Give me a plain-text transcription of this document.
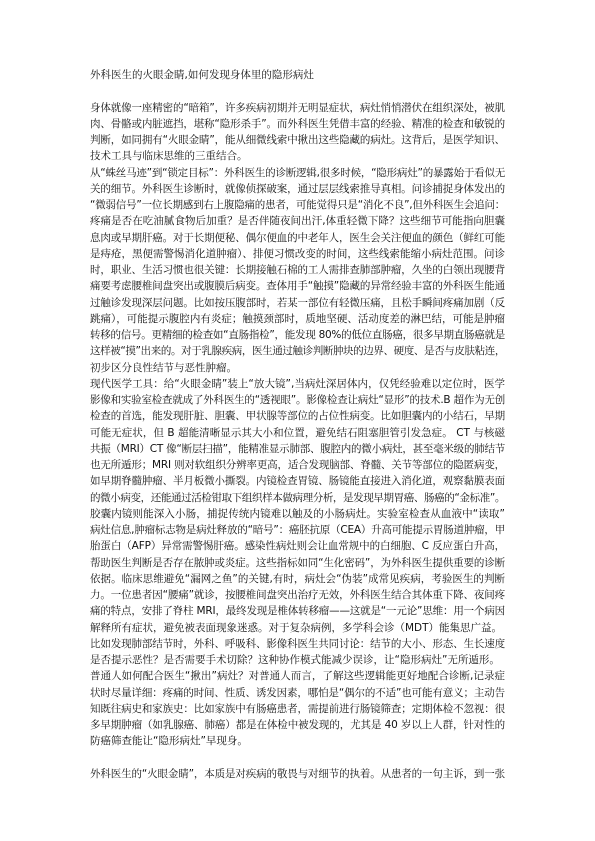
外科医生的火眼金睛,如何发现身体里的隐形病灶
身体就像一座精密的“暗箱”，许多疾病初期并无明显症状，病灶悄悄潜伏在组织深处，被肌
肉、骨骼或内脏遮挡，堪称“隐形杀手”。而外科医生凭借丰富的经验、精准的检查和敏锐的
判断，如同拥有“火眼金睛”，能从细微线索中揪出这些隐藏的病灶。这背后，是医学知识、
技术工具与临床思维的三重结合。
从“蛛丝马迹”到“锁定目标”：外科医生的诊断逻辑,很多时候，“隐形病灶”的暴露始于看似无
关的细节。外科医生诊断时，就像侦探破案，通过层层线索推导真相。问诊捕捉身体发出的
“微弱信号”一位长期感到右上腹隐痛的患者，可能觉得只是“消化不良”,但外科医生会追问：
疼痛是否在吃油腻食物后加重？是否伴随夜间出汗,体重轻微下降？这些细节可能指向胆囊
息肉或早期肝癌。对于长期便秘、偶尔便血的中老年人，医生会关注便血的颜色（鲜红可能
是痔疮，黑便需警惕消化道肿瘤）、排便习惯改变的时间，这些线索能缩小病灶范围。问诊
时，职业、生活习惯也很关键：长期接触石棉的工人需排查肺部肿瘤，久坐的白领出现腰背
痛要考虑腰椎间盘突出或腹膜后病变。查体用手“触摸”隐藏的异常经验丰富的外科医生能通
过触诊发现深层问题。比如按压腹部时，若某一部位有轻微压痛，且松手瞬间疼痛加剧（反
跳痛），可能提示腹腔内有炎症；触摸颈部时，质地坚硬、活动度差的淋巴结，可能是肿瘤
转移的信号。更精细的检查如“直肠指检”，能发现 80%的低位直肠癌，很多早期直肠癌就是
这样被“摸”出来的。对于乳腺疾病，医生通过触诊判断肿块的边界、硬度、是否与皮肤粘连，
初步区分良性结节与恶性肿瘤。
现代医学工具：给“火眼金睛”装上“放大镜”,当病灶深居体内，仅凭经验难以定位时，医学
影像和实验室检查就成了外科医生的“透视眼”。影像检查让病灶“显形”的技术.B 超作为无创
检查的首选，能发现肝脏、胆囊、甲状腺等部位的占位性病变。比如胆囊内的小结石，早期
可能无症状，但 B 超能清晰显示其大小和位置，避免结石阻塞胆管引发急症。 CT 与核磁
共振（MRI）CT 像“断层扫描”，能精准显示肺部、腹腔内的微小病灶，甚至毫米级的肺结节
也无所遁形；MRI 则对软组织分辨率更高，适合发现脑部、脊髓、关节等部位的隐匿病变，
如早期脊髓肿瘤、半月板微小撕裂。内镜检查胃镜、肠镜能直接进入消化道，观察黏膜表面
的微小病变，还能通过活检钳取下组织样本做病理分析，是发现早期胃癌、肠癌的“金标准”。
胶囊内镜则能深入小肠，捕捉传统内镜难以触及的小肠病灶。实验室检查从血液中“读取”
病灶信息,肿瘤标志物是病灶释放的“暗号”：癌胚抗原（CEA）升高可能提示胃肠道肿瘤，甲
胎蛋白（AFP）异常需警惕肝癌。感染性病灶则会让血常规中的白细胞、C 反应蛋白升高，
帮助医生判断是否存在脓肿或炎症。这些指标如同“生化密码”，为外科医生提供重要的诊断
依据。临床思维避免“漏网之鱼”的关键,有时，病灶会“伪装”成常见疾病，考验医生的判断
力。一位患者因“腰痛”就诊，按腰椎间盘突出治疗无效，外科医生结合其体重下降、夜间疼
痛的特点，安排了脊柱 MRI，最终发现是椎体转移瘤——这就是“一元论”思维：用一个病因
解释所有症状，避免被表面现象迷惑。对于复杂病例，多学科会诊（MDT）能集思广益。
比如发现肺部结节时，外科、呼吸科、影像科医生共同讨论：结节的大小、形态、生长速度
是否提示恶性？是否需要手术切除？这种协作模式能减少误诊，让“隐形病灶”无所遁形。
普通人如何配合医生“揪出”病灶？对普通人而言，了解这些逻辑能更好地配合诊断,记录症
状时尽量详细：疼痛的时间、性质、诱发因素，哪怕是“偶尔的不适”也可能有意义；主动告
知既往病史和家族史：比如家族中有肠癌患者，需提前进行肠镜筛查；定期体检不忽视：很
多早期肿瘤（如乳腺癌、肺癌）都是在体检中被发现的，尤其是 40 岁以上人群，针对性的
防癌筛查能让“隐形病灶”早现身。
外科医生的“火眼金睛”，本质是对疾病的敬畏与对细节的执着。从患者的一句主诉，到一张
